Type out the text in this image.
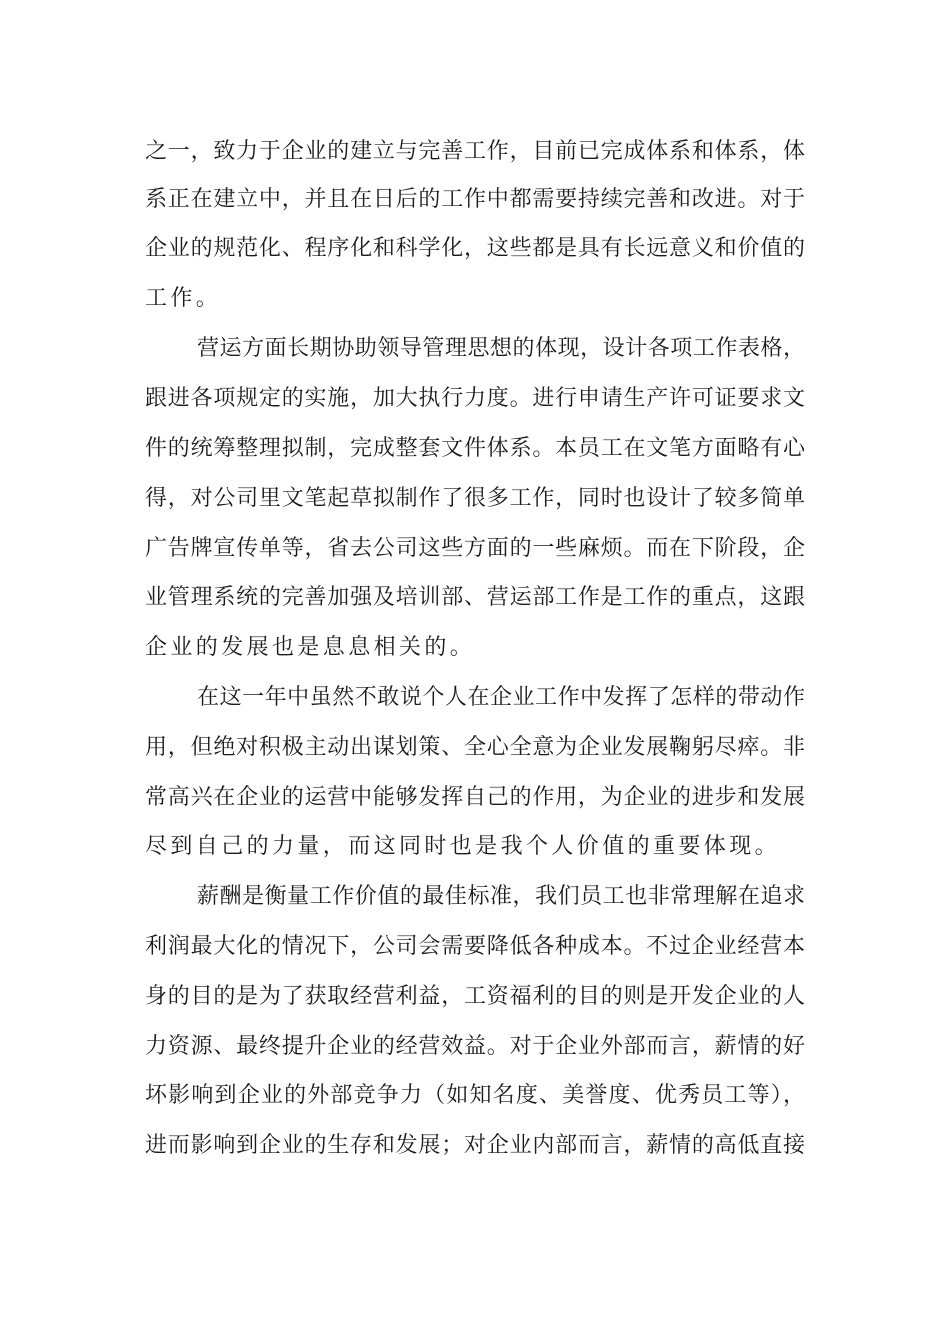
之一，致力于企业的建立与完善工作，目前已完成体系和体系，体
系正在建立中，并且在日后的工作中都需要持续完善和改进。对于
企业的规范化、程序化和科学化，这些都是具有长远意义和价值的
工作。
营运方面长期协助领导管理思想的体现，设计各项工作表格，
跟进各项规定的实施，加大执行力度。进行申请生产许可证要求文
件的统筹整理拟制，完成整套文件体系。本员工在文笔方面略有心
得，对公司里文笔起草拟制作了很多工作，同时也设计了较多简单
广告牌宣传单等，省去公司这些方面的一些麻烦。而在下阶段，企
业管理系统的完善加强及培训部、营运部工作是工作的重点，这跟
企业的发展也是息息相关的。
在这一年中虽然不敢说个人在企业工作中发挥了怎样的带动作
用，但绝对积极主动出谋划策、全心全意为企业发展鞠躬尽瘁。非
常高兴在企业的运营中能够发挥自己的作用，为企业的进步和发展
尽到自己的力量，而这同时也是我个人价值的重要体现。
薪酬是衡量工作价值的最佳标准，我们员工也非常理解在追求
利润最大化的情况下，公司会需要降低各种成本。不过企业经营本
身的目的是为了获取经营利益，工资福利的目的则是开发企业的人
力资源、最终提升企业的经营效益。对于企业外部而言，薪情的好
坏影响到企业的外部竞争力（如知名度、美誉度、优秀员工等），
进而影响到企业的生存和发展；对企业内部而言，薪情的高低直接
